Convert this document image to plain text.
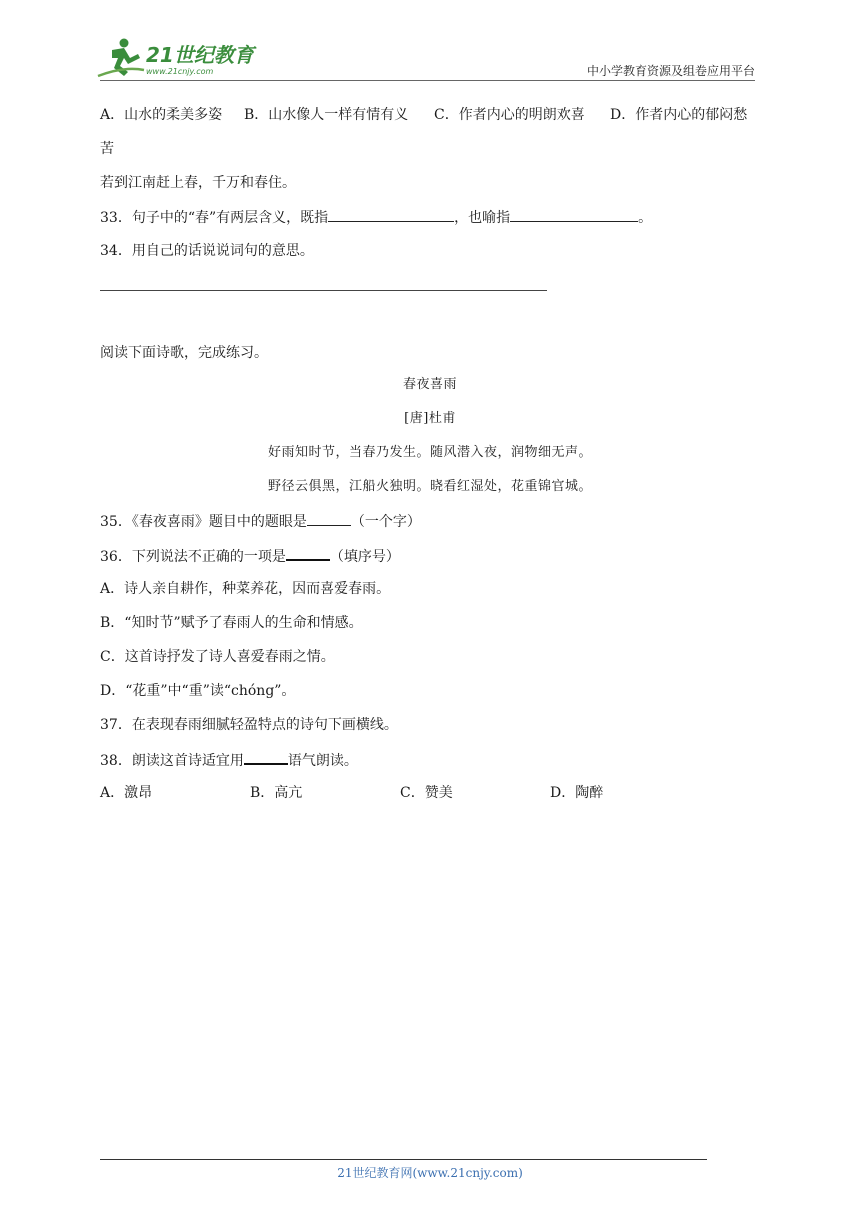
21世纪教育
www.21cnjy.com	中小学教育资源及组卷应用平台
A．山水的柔美多姿 B．山水像人一样有情有义 C．作者内心的明朗欢喜 D．作者内心的郁闷愁
苦
若到江南赶上春，千万和春住。
33．句子中的“春”有两层含义，既指	，也喻指	。
34．用自己的话说说词句的意思。
阅读下面诗歌，完成练习。
春夜喜雨
[唐]杜甫
好雨知时节，当春乃发生。随风潜入夜，润物细无声。
野径云俱黑，江船火独明。晓看红湿处，花重锦官城。
35．《春夜喜雨》题目中的题眼是	（一个字）
36．下列说法不正确的一项是	（填序号）
A．诗人亲自耕作，种菜养花，因而喜爱春雨。
B．“知时节”赋予了春雨人的生命和情感。
C．这首诗抒发了诗人喜爱春雨之情。
D．“花重”中“重”读“chóng”。
37．在表现春雨细腻轻盈特点的诗句下画横线。
38．朗读这首诗适宜用	语气朗读。
A．激昂	B．高亢	C．赞美	D．陶醉
21世纪教育网(www.21cnjy.com)
